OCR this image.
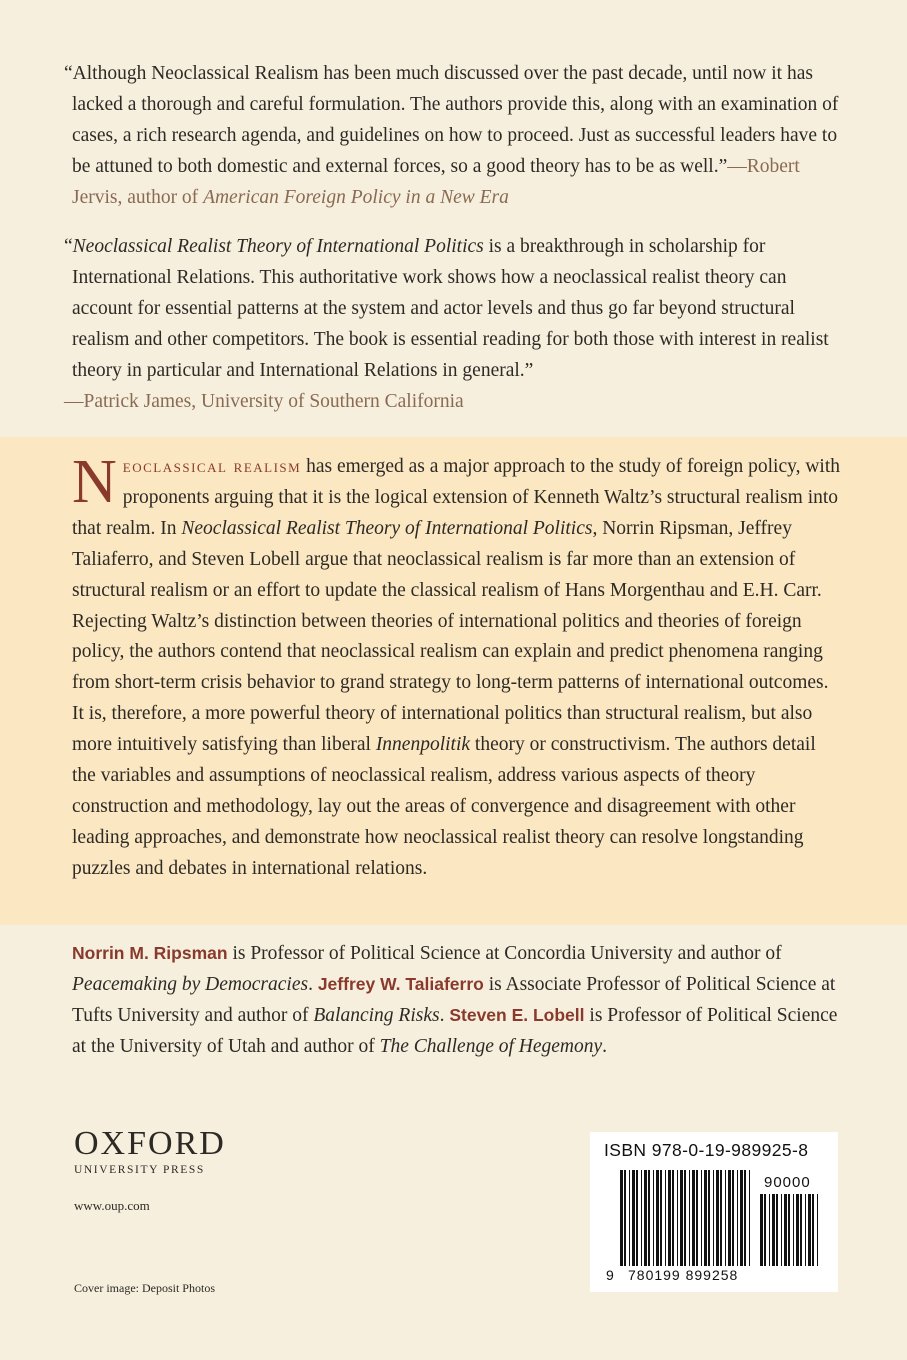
“Although Neoclassical Realism has been much discussed over the past decade, until now it has lacked a thorough and careful formulation. The authors provide this, along with an examination of cases, a rich research agenda, and guidelines on how to proceed. Just as successful leaders have to be attuned to both domestic and external forces, so a good theory has to be as well.”—Robert Jervis, author of American Foreign Policy in a New Era

“Neoclassical Realist Theory of International Politics is a breakthrough in scholarship for International Relations. This authoritative work shows how a neoclassical realist theory can account for essential patterns at the system and actor levels and thus go far beyond structural realism and other competitors. The book is essential reading for both those with interest in realist theory in particular and International Relations in general.”
—Patrick James, University of Southern California

Neoclassical realism has emerged as a major approach to the study of foreign policy, with proponents arguing that it is the logical extension of Kenneth Waltz’s structural realism into that realm. In Neoclassical Realist Theory of International Politics, Norrin Ripsman, Jeffrey Taliaferro, and Steven Lobell argue that neoclassical realism is far more than an extension of structural realism or an effort to update the classical realism of Hans Morgenthau and E.H. Carr. Rejecting Waltz’s distinction between theories of international politics and theories of foreign policy, the authors contend that neoclassical realism can explain and predict phenomena ranging from short-term crisis behavior to grand strategy to long-term patterns of international outcomes. It is, therefore, a more powerful theory of international politics than structural realism, but also more intuitively satisfying than liberal Innenpolitik theory or constructivism. The authors detail the variables and assumptions of neoclassical realism, address various aspects of theory construction and methodology, lay out the areas of convergence and disagreement with other leading approaches, and demonstrate how neoclassical realist theory can resolve longstanding puzzles and debates in international relations.

Norrin M. Ripsman is Professor of Political Science at Concordia University and author of Peacemaking by Democracies. Jeffrey W. Taliaferro is Associate Professor of Political Science at Tufts University and author of Balancing Risks. Steven E. Lobell is Professor of Political Science at the University of Utah and author of The Challenge of Hegemony.

OXFORD
UNIVERSITY PRESS
www.oup.com
Cover image: Deposit Photos
ISBN 978-0-19-989925-8
90000
9 780199 899258
